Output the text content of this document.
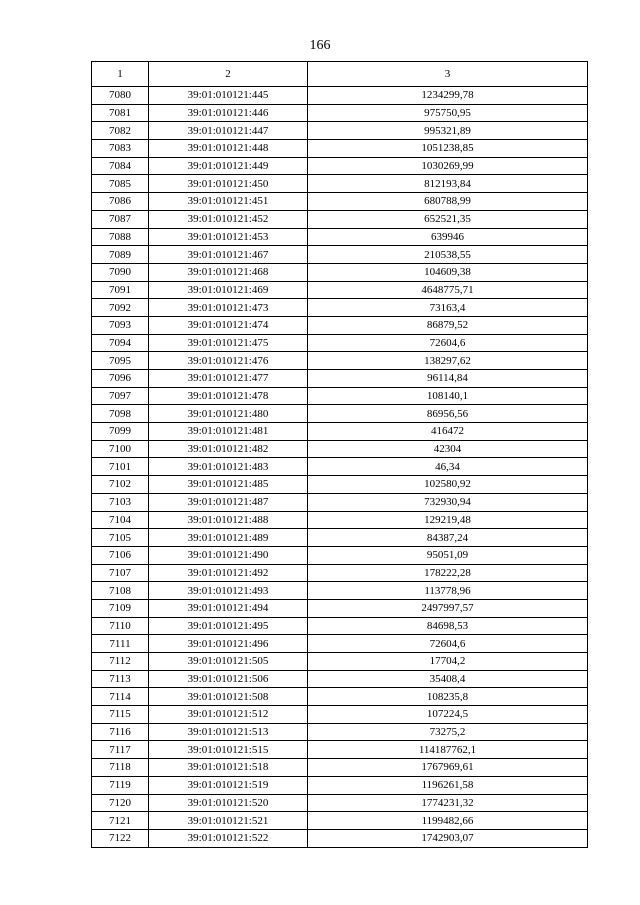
166
1	2	3
7080	39:01:010121:445	1234299,78
7081	39:01:010121:446	975750,95
7082	39:01:010121:447	995321,89
7083	39:01:010121:448	1051238,85
7084	39:01:010121:449	1030269,99
7085	39:01:010121:450	812193,84
7086	39:01:010121:451	680788,99
7087	39:01:010121:452	652521,35
7088	39:01:010121:453	639946
7089	39:01:010121:467	210538,55
7090	39:01:010121:468	104609,38
7091	39:01:010121:469	4648775,71
7092	39:01:010121:473	73163,4
7093	39:01:010121:474	86879,52
7094	39:01:010121:475	72604,6
7095	39:01:010121:476	138297,62
7096	39:01:010121:477	96114,84
7097	39:01:010121:478	108140,1
7098	39:01:010121:480	86956,56
7099	39:01:010121:481	416472
7100	39:01:010121:482	42304
7101	39:01:010121:483	46,34
7102	39:01:010121:485	102580,92
7103	39:01:010121:487	732930,94
7104	39:01:010121:488	129219,48
7105	39:01:010121:489	84387,24
7106	39:01:010121:490	95051,09
7107	39:01:010121:492	178222,28
7108	39:01:010121:493	113778,96
7109	39:01:010121:494	2497997,57
7110	39:01:010121:495	84698,53
7111	39:01:010121:496	72604,6
7112	39:01:010121:505	17704,2
7113	39:01:010121:506	35408,4
7114	39:01:010121:508	108235,8
7115	39:01:010121:512	107224,5
7116	39:01:010121:513	73275,2
7117	39:01:010121:515	114187762,1
7118	39:01:010121:518	1767969,61
7119	39:01:010121:519	1196261,58
7120	39:01:010121:520	1774231,32
7121	39:01:010121:521	1199482,66
7122	39:01:010121:522	1742903,07
